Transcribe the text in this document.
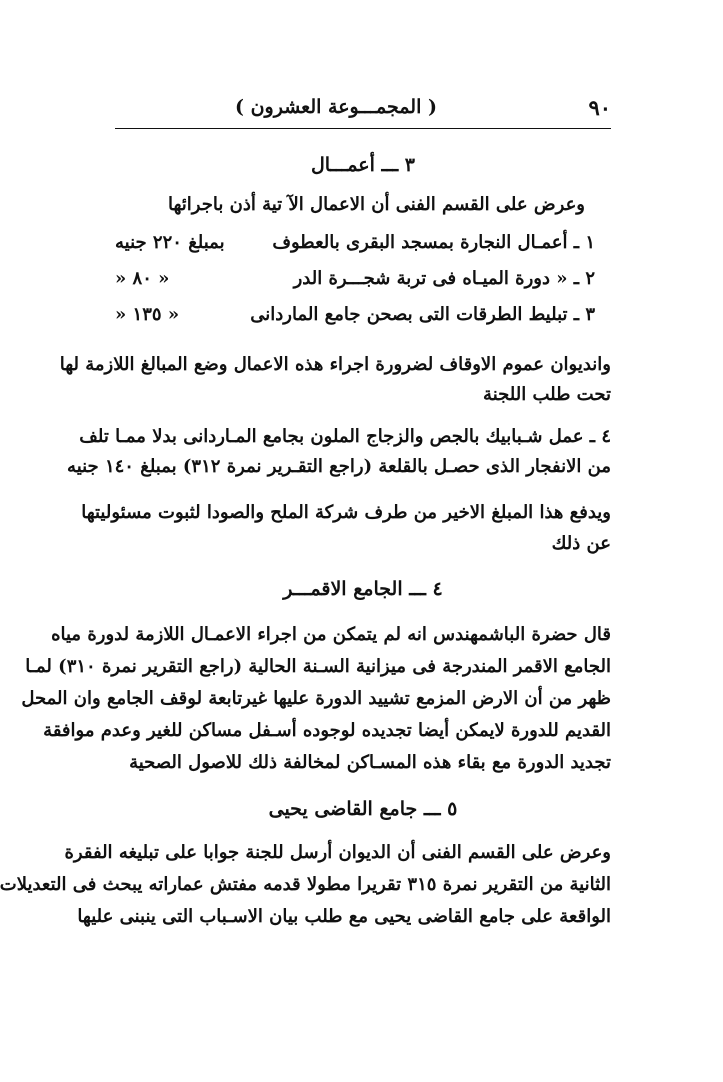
٩٠
( المجمـــوعة العشرون )
٣ ـــ أعمـــال
وعرض على القسم الفنى أن الاعمال الآ تية أذن باجرائها
١ ـ أعمـال النجارة بمسجد البقرى بالعطوف
بمبلغ ٢٢٠ جنيه
٢ ـ « دورة الميـاه فى تربة شجـــرة الدر
« ٨٠ «
٣ ـ تبليط الطرقات التى بصحن جامع الماردانى
« ١٣٥ «
وانديوان عموم الاوقاف لضرورة اجراء هذه الاعمال وضع المبالغ اللازمة لها
تحت طلب اللجنة
٤ ـ عمل شـبابيك بالجص والزجاج الملون بجامع المـاردانى بدلا ممـا تلف
من الانفجار الذى حصـل بالقلعة (راجع التقـرير نمرة ٣١٢) بمبلغ ١٤٠ جنيه
ويدفع هذا المبلغ الاخير من طرف شركة الملح والصودا لثبوت مسئوليتها
عن ذلك
٤ ـــ الجامع الاقمـــر
قال حضرة الباشمهندس انه لم يتمكن من اجراء الاعمـال اللازمة لدورة مياه
الجامع الاقمر المندرجة فى ميزانية السـنة الحالية (راجع التقرير نمرة ٣١٠) لمـا
ظهر من أن الارض المزمع تشييد الدورة عليها غيرتابعة لوقف الجامع وان المحل
القديم للدورة لايمكن أيضا تجديده لوجوده أسـفل مساكن للغير وعدم موافقة
تجديد الدورة مع بقاء هذه المسـاكن لمخالفة ذلك للاصول الصحية
٥ ـــ جامع القاضى يحيى
وعرض على القسم الفنى أن الديوان أرسل للجنة جوابا على تبليغه الفقرة
الثانية من التقرير نمرة ٣١٥ تقريرا مطولا قدمه مفتش عماراته يبحث فى التعديلات
الواقعة على جامع القاضى يحيى مع طلب بيان الاسـباب التى ينبنى عليها
